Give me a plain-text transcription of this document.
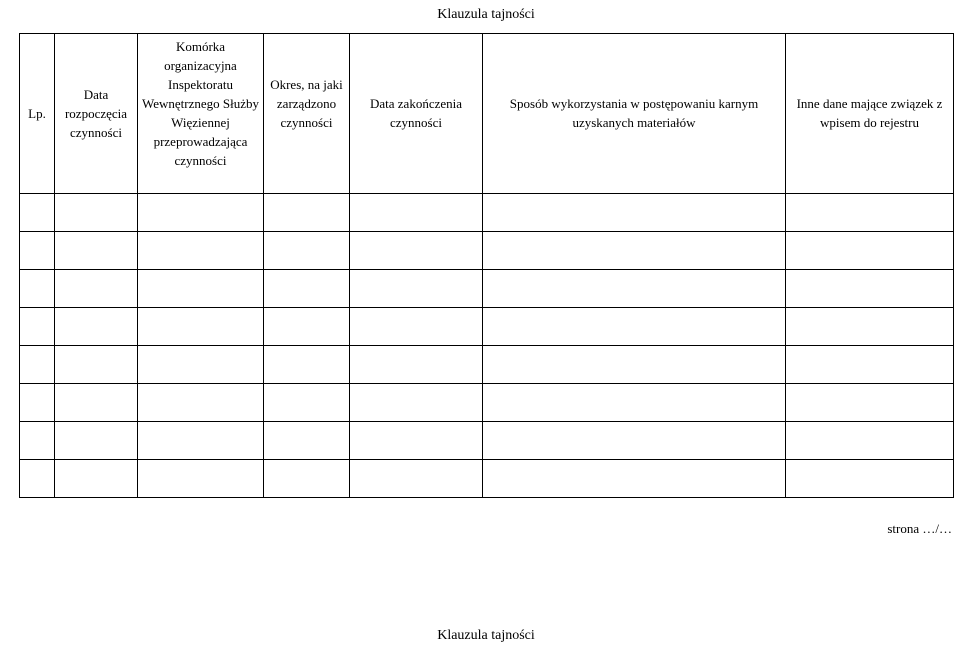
Klauzula tajności
Lp.	Data rozpoczęcia czynności	Komórka organizacyjna Inspektoratu Wewnętrznego Służby Więziennej przeprowadzająca czynności	Okres, na jaki zarządzono czynności	Data zakończenia czynności	Sposób wykorzystania w postępowaniu karnym uzyskanych materiałów	Inne dane mające związek z wpisem do rejestru

strona …/…
Klauzula tajności
